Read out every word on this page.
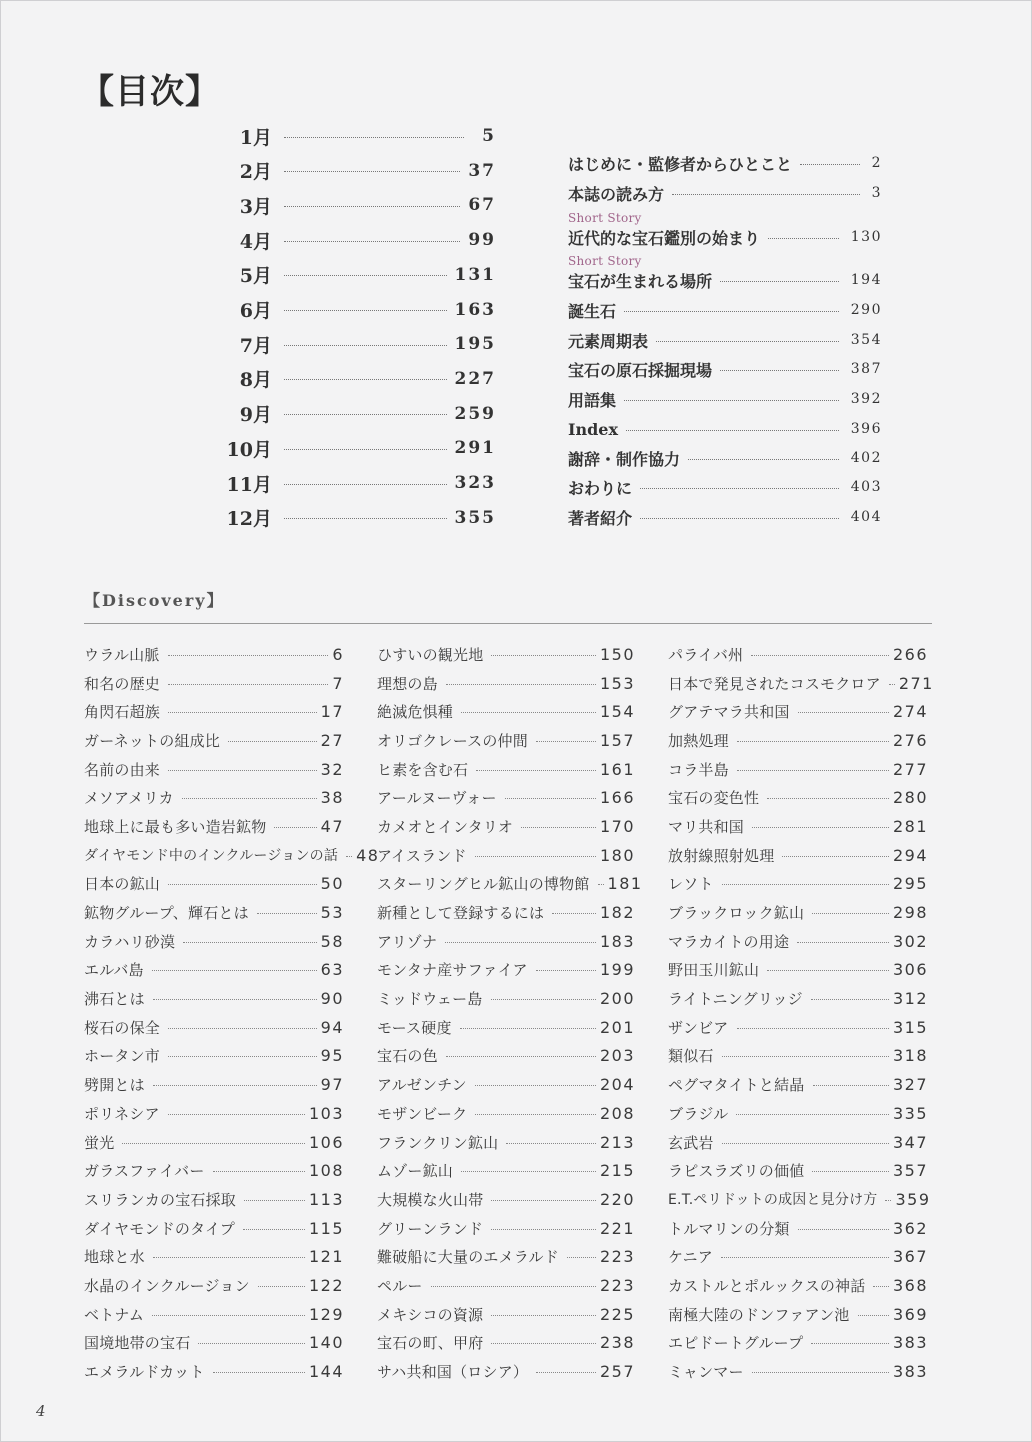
【目次】
1月	5
2月	37
3月	67
4月	99
5月	131
6月	163
7月	195
8月	227
9月	259
10月	291
11月	323
12月	355
はじめに・監修者からひとこと	2
本誌の読み方	3
Short Story
近代的な宝石鑑別の始まり	130
Short Story
宝石が生まれる場所	194
誕生石	290
元素周期表	354
宝石の原石採掘現場	387
用語集	392
Index	396
謝辞・制作協力	402
おわりに	403
著者紹介	404
【Discovery】
ウラル山脈	6
和名の歴史	7
角閃石超族	17
ガーネットの組成比	27
名前の由来	32
メソアメリカ	38
地球上に最も多い造岩鉱物	47
ダイヤモンド中のインクルージョンの話 48
日本の鉱山	50
鉱物グループ、輝石とは	53
カラハリ砂漠	58
エルバ島	63
沸石とは	90
桜石の保全	94
ホータン市	95
劈開とは	97
ポリネシア	103
蛍光	106
ガラスファイバー	108
スリランカの宝石採取	113
ダイヤモンドのタイプ	115
地球と水	121
水晶のインクルージョン	122
ベトナム	129
国境地帯の宝石	140
エメラルドカット	144
ひすいの観光地	150
理想の島	153
絶滅危惧種	154
オリゴクレースの仲間	157
ヒ素を含む石	161
アールヌーヴォー	166
カメオとインタリオ	170
アイスランド	180
スターリングヒル鉱山の博物館 181
新種として登録するには	182
アリゾナ	183
モンタナ産サファイア	199
ミッドウェー島	200
モース硬度	201
宝石の色	203
アルゼンチン	204
モザンビーク	208
フランクリン鉱山	213
ムゾー鉱山	215
大規模な火山帯	220
グリーンランド	221
難破船に大量のエメラルド	223
ペルー	223
メキシコの資源	225
宝石の町、甲府	238
サハ共和国（ロシア）	257
パライバ州	266
日本で発見されたコスモクロア 271
グアテマラ共和国	274
加熱処理	276
コラ半島	277
宝石の変色性	280
マリ共和国	281
放射線照射処理	294
レソト	295
ブラックロック鉱山	298
マラカイトの用途	302
野田玉川鉱山	306
ライトニングリッジ	312
ザンビア	315
類似石	318
ペグマタイトと結晶	327
ブラジル	335
玄武岩	347
ラピスラズリの価値	357
E.T.ペリドットの成因と見分け方 359
トルマリンの分類	362
ケニア	367
カストルとポルックスの神話 368
南極大陸のドンファアン池	369
エピドートグループ	383
ミャンマー	383
4
